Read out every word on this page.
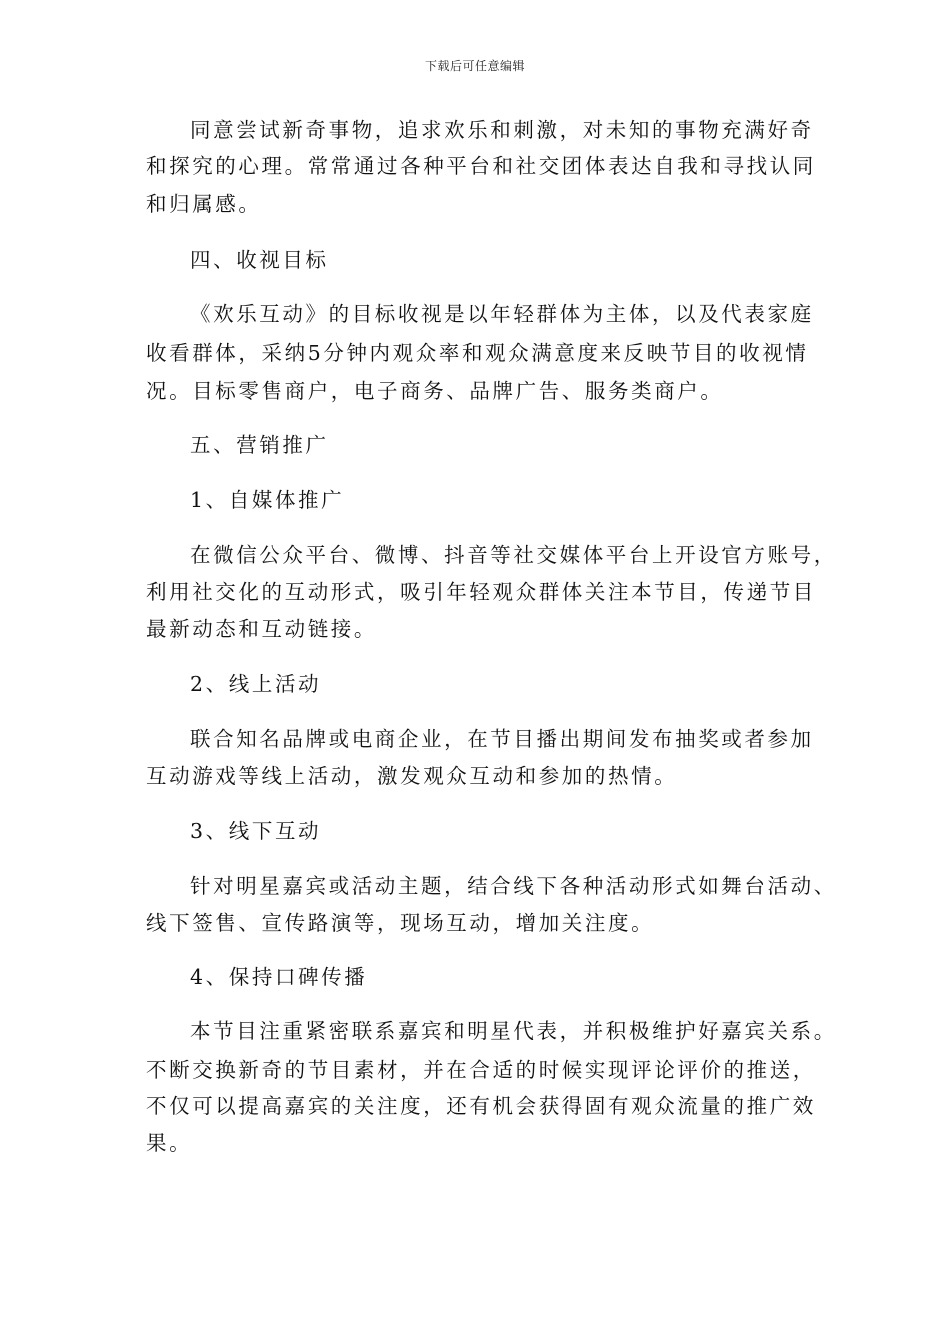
下载后可任意编辑
同意尝试新奇事物，追求欢乐和刺激，对未知的事物充满好奇
和探究的心理。常常通过各种平台和社交团体表达自我和寻找认同
和归属感。
四、收视目标
《欢乐互动》的目标收视是以年轻群体为主体，以及代表家庭
收看群体，采纳5分钟内观众率和观众满意度来反映节目的收视情
况。目标零售商户，电子商务、品牌广告、服务类商户。
五、营销推广
1、自媒体推广
在微信公众平台、微博、抖音等社交媒体平台上开设官方账号，
利用社交化的互动形式，吸引年轻观众群体关注本节目，传递节目
最新动态和互动链接。
2、线上活动
联合知名品牌或电商企业，在节目播出期间发布抽奖或者参加
互动游戏等线上活动，激发观众互动和参加的热情。
3、线下互动
针对明星嘉宾或活动主题，结合线下各种活动形式如舞台活动、
线下签售、宣传路演等，现场互动，增加关注度。
4、保持口碑传播
本节目注重紧密联系嘉宾和明星代表，并积极维护好嘉宾关系。
不断交换新奇的节目素材，并在合适的时候实现评论评价的推送，
不仅可以提高嘉宾的关注度，还有机会获得固有观众流量的推广效
果。
